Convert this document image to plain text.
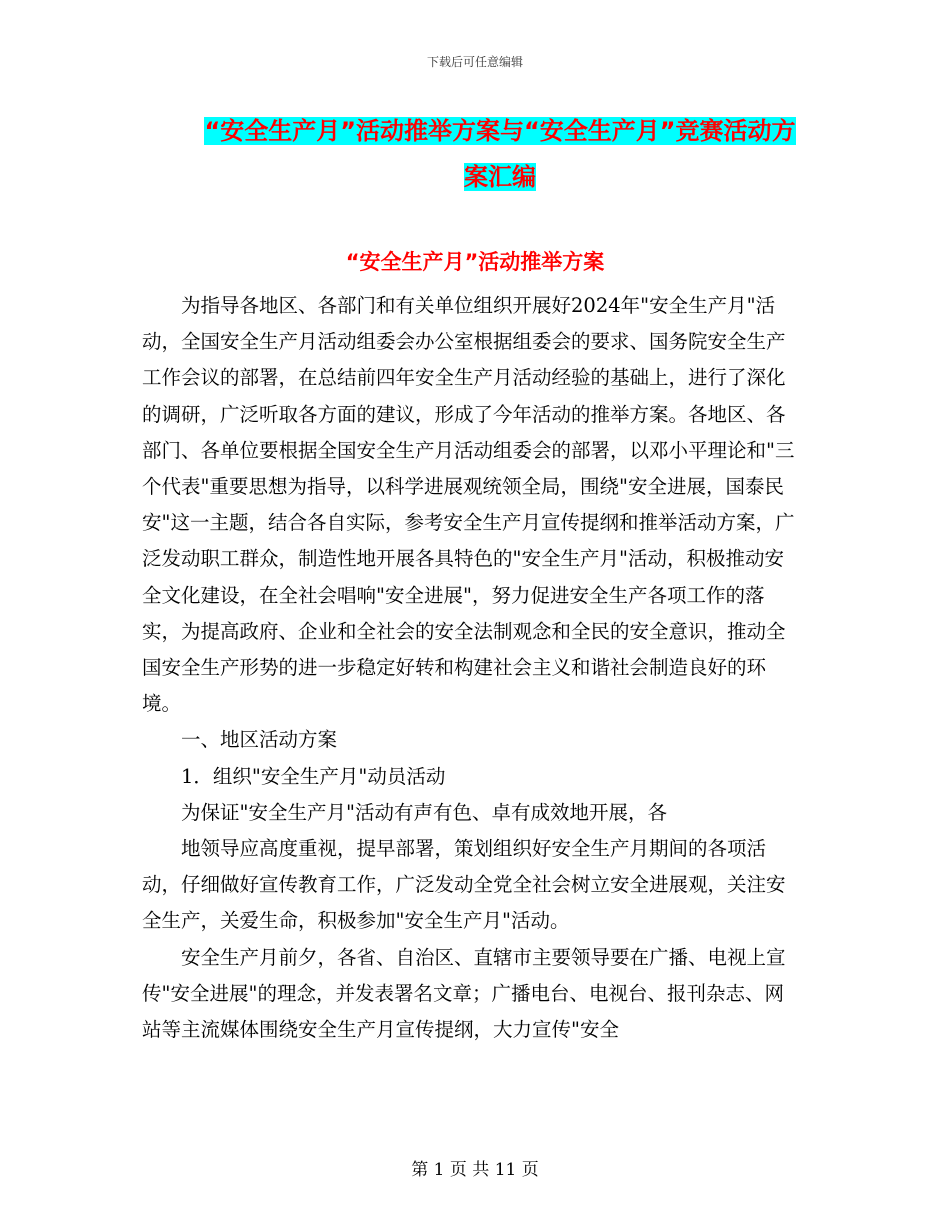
下载后可任意编辑
“安全生产月”活动推举方案与“安全生产月”竞赛活动方案汇编
“安全生产月”活动推举方案

为指导各地区、各部门和有关单位组织开展好2024年"安全生产月"活动，全国安全生产月活动组委会办公室根据组委会的要求、国务院安全生产工作会议的部署，在总结前四年安全生产月活动经验的基础上，进行了深化的调研，广泛听取各方面的建议，形成了今年活动的推举方案。各地区、各部门、各单位要根据全国安全生产月活动组委会的部署，以邓小平理论和"三个代表"重要思想为指导，以科学进展观统领全局，围绕"安全进展，国泰民安"这一主题，结合各自实际，参考安全生产月宣传提纲和推举活动方案，广泛发动职工群众，制造性地开展各具特色的"安全生产月"活动，积极推动安全文化建设，在全社会唱响"安全进展"，努力促进安全生产各项工作的落实，为提高政府、企业和全社会的安全法制观念和全民的安全意识，推动全国安全生产形势的进一步稳定好转和构建社会主义和谐社会制造良好的环境。

一、地区活动方案

1．组织"安全生产月"动员活动

为保证"安全生产月"活动有声有色、卓有成效地开展，各

地领导应高度重视，提早部署，策划组织好安全生产月期间的各项活动，仔细做好宣传教育工作，广泛发动全党全社会树立安全进展观，关注安全生产，关爱生命，积极参加"安全生产月"活动。

安全生产月前夕，各省、自治区、直辖市主要领导要在广播、电视上宣传"安全进展"的理念，并发表署名文章；广播电台、电视台、报刊杂志、网站等主流媒体围绕安全生产月宣传提纲，大力宣传"安全

第 1 页 共 11 页
